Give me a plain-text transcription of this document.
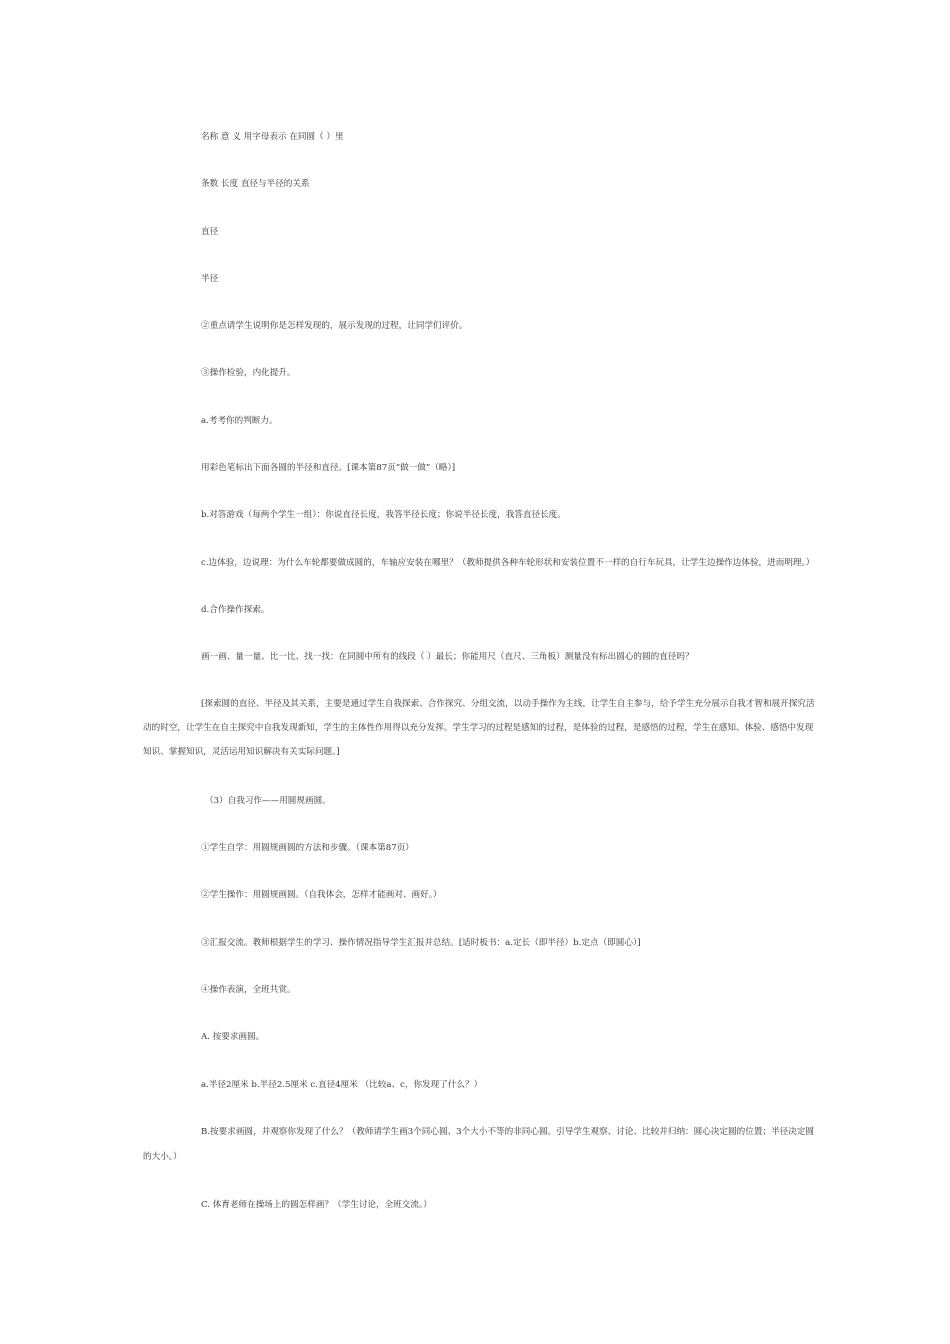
名称 意 义 用字母表示 在同圆（ ）里
条数 长度 直径与半径的关系
直径
半径
②重点请学生说明你是怎样发现的，展示发现的过程，让同学们评价。
③操作检验，内化提升。
a.考考你的判断力。
用彩色笔标出下面各圆的半径和直径。[课本第87页“做一做”（略）]
b.对答游戏（每两个学生一组）：你说直径长度，我答半径长度；你说半径长度，我答直径长度。
c.边体验，边说理：为什么车轮都要做成圆的，车轴应安装在哪里？（教师提供各种车轮形状和安装位置不一样的自行车玩具，让学生边操作边体验，进而明理。）
d.合作操作探索。
画一画、量一量、比一比、找一找：在同圆中所有的线段（ ）最长；你能用尺（直尺、三角板）测量没有标出圆心的圆的直径吗？
[探索圆的直径、半径及其关系，主要是通过学生自我探索、合作探究、分组交流，以动手操作为主线，让学生自主参与，给予学生充分展示自我才智和展开探究活
动的时空，让学生在自主探究中自我发现新知，学生的主体性作用得以充分发挥。学生学习的过程是感知的过程，是体验的过程，是感悟的过程，学生在感知、体验、感悟中发现
知识、掌握知识，灵活运用知识解决有关实际问题。]
（3）自我习作——用圆规画圆。
①学生自学：用圆规画圆的方法和步骤。（课本第87页）
②学生操作：用圆规画圆。（自我体会，怎样才能画对、画好。）
③汇报交流。教师根据学生的学习、操作情况指导学生汇报并总结。[适时板书：a.定长（即半径）b.定点（即圆心）]
④操作表演，全班共赏。
A. 按要求画圆。
a.半径2厘米 b.半径2.5厘米 c.直径4厘米 （比较a、c，你发现了什么？）
B.按要求画圆，并观察你发现了什么？（教师请学生画3个同心圆、3个大小不等的非同心圆。引导学生观察、讨论、比较并归纳：圆心决定圆的位置；半径决定圆
的大小。）
C. 体育老师在操场上的圆怎样画？（学生讨论，全班交流。）
